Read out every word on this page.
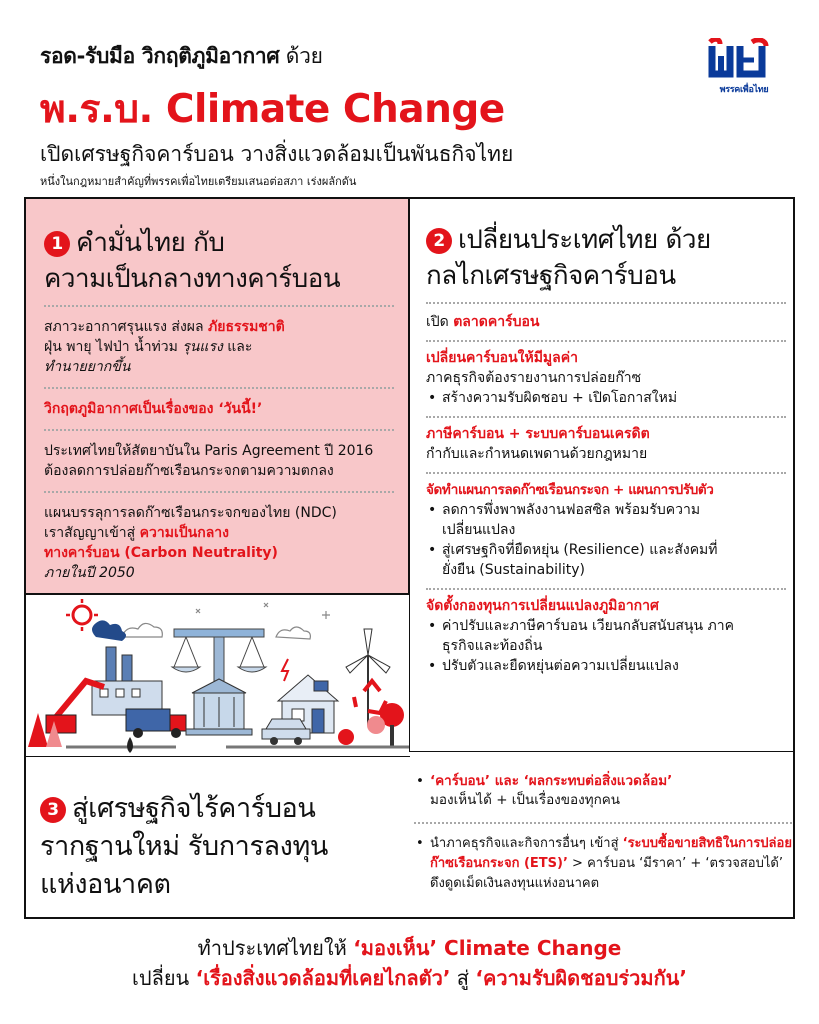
รอด-รับมือ วิกฤติภูมิอากาศ ด้วย
พ.ร.บ. Climate Change
เปิดเศรษฐกิจคาร์บอน วางสิ่งแวดล้อมเป็นพันธกิจไทย
หนึ่งในกฎหมายสำคัญที่พรรคเพื่อไทยเตรียมเสนอต่อสภา เร่งผลักดัน
พรรคเพื่อไทย
1 คำมั่นไทย กับ
ความเป็นกลางทางคาร์บอน
สภาวะอากาศรุนแรง ส่งผล ภัยธรรมชาติ
ฝุ่น พายุ ไฟป่า น้ำท่วม รุนแรง และ
ทำนายยากขึ้น
วิกฤตภูมิอากาศเป็นเรื่องของ ‘วันนี้!’
ประเทศไทยให้สัตยาบันใน Paris Agreement ปี 2016
ต้องลดการปล่อยก๊าซเรือนกระจกตามความตกลง
แผนบรรลุการลดก๊าซเรือนกระจกของไทย (NDC)
เราสัญญาเข้าสู่ ความเป็นกลาง
ทางคาร์บอน (Carbon Neutrality)
ภายในปี 2050
2 เปลี่ยนประเทศไทย ด้วย
กลไกเศรษฐกิจคาร์บอน
เปิด ตลาดคาร์บอน
เปลี่ยนคาร์บอนให้มีมูลค่า
ภาคธุรกิจต้องรายงานการปล่อยก๊าซ
• สร้างความรับผิดชอบ + เปิดโอกาสใหม่
ภาษีคาร์บอน + ระบบคาร์บอนเครดิต
กำกับและกำหนดเพดานด้วยกฎหมาย
จัดทำแผนการลดก๊าซเรือนกระจก + แผนการปรับตัว
• ลดการพึ่งพาพลังงานฟอสซิล พร้อมรับความเปลี่ยนแปลง
• สู่เศรษฐกิจที่ยืดหยุ่น (Resilience) และสังคมที่ยั่งยืน (Sustainability)
จัดตั้งกองทุนการเปลี่ยนแปลงภูมิอากาศ
• ค่าปรับและภาษีคาร์บอน เวียนกลับสนับสนุน ภาคธุรกิจและท้องถิ่น
• ปรับตัวและยืดหยุ่นต่อความเปลี่ยนแปลง
3 สู่เศรษฐกิจไร้คาร์บอน
รากฐานใหม่ รับการลงทุน
แห่งอนาคต
• ‘คาร์บอน’ และ ‘ผลกระทบต่อสิ่งแวดล้อม’
มองเห็นได้ + เป็นเรื่องของทุกคน
• นำภาคธุรกิจและกิจการอื่นๆ เข้าสู่ ‘ระบบซื้อขายสิทธิในการปล่อยก๊าซเรือนกระจก (ETS)’ > คาร์บอน ‘มีราคา’ + ‘ตรวจสอบได้’ ดึงดูดเม็ดเงินลงทุนแห่งอนาคต
ทำประเทศไทยให้ ‘มองเห็น’ Climate Change
เปลี่ยน ‘เรื่องสิ่งแวดล้อมที่เคยไกลตัว’ สู่ ‘ความรับผิดชอบร่วมกัน’
